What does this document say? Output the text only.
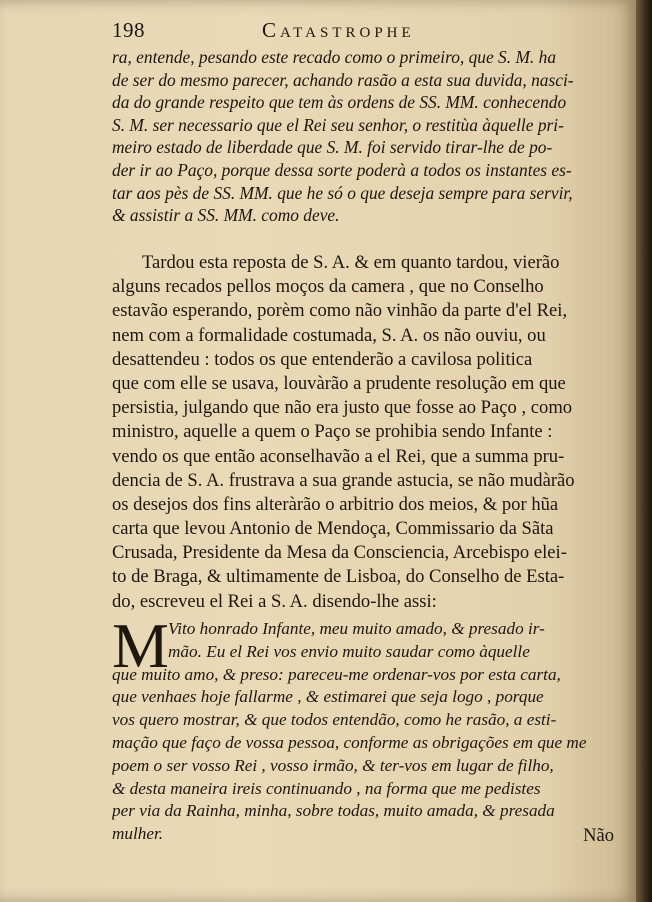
198	Catastrophe
ra, entende, pesando este recado como o primeiro, que S. M. ha
de ser do mesmo parecer, achando rasão a esta sua duvida, nasci-
da do grande respeito que tem às ordens de SS. MM. conhecendo
S. M. ser necessario que el Rei seu senhor, o restitùa àquelle pri-
meiro estado de liberdade que S. M. foi servido tirar-lhe de po-
der ir ao Paço, porque dessa sorte poderà a todos os instantes es-
tar aos pès de SS. MM. que he só o que deseja sempre para servir,
& assistir a SS. MM. como deve.
Tardou esta reposta de S. A. & em quanto tardou, vierão
alguns recados pellos moços da camera , que no Conselho
estavão esperando, porèm como não vinhão da parte d'el Rei,
nem com a formalidade costumada, S. A. os não ouviu, ou
desattendeu : todos os que entenderão a cavilosa politica
que com elle se usava, louvàrão a prudente resolução em que
persistia, julgando que não era justo que fosse ao Paço , como
ministro, aquelle a quem o Paço se prohibia sendo Infante :
vendo os que então aconselhavão a el Rei, que a summa pru-
dencia de S. A. frustrava a sua grande astucia, se não mudàrão
os desejos dos fins alteràrão o arbitrio dos meios, & por hũa
carta que levou Antonio de Mendoça, Commissario da Sãta
Crusada, Presidente da Mesa da Consciencia, Arcebispo elei-
to de Braga, & ultimamente de Lisboa, do Conselho de Esta-
do, escreveu el Rei a S. A. disendo-lhe assi:
M Vito honrado Infante, meu muito amado, & presado ir-
mão. Eu el Rei vos envio muito saudar como àquelle
que muito amo, & preso: pareceu-me ordenar-vos por esta carta,
que venhaes hoje fallarme , & estimarei que seja logo , porque
vos quero mostrar, & que todos entendão, como he rasão, a esti-
mação que faço de vossa pessoa, conforme as obrigações em que me
poem o ser vosso Rei , vosso irmão, & ter-vos em lugar de filho,
& desta maneira ireis continuando , na forma que me pedistes
per via da Rainha, minha, sobre todas, muito amada, & presada
mulher.	Não
